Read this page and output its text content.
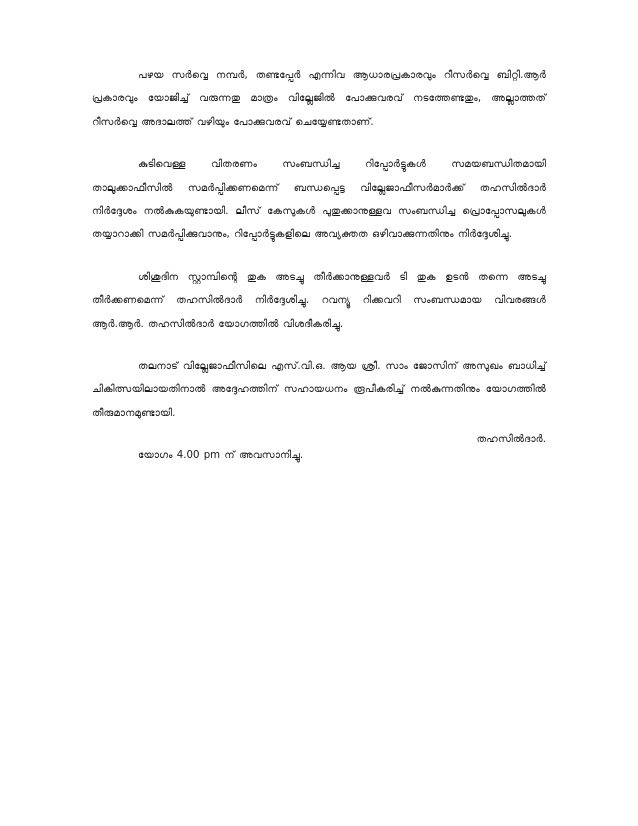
പഴയ സർവ്വെ നമ്പർ, തണ്ടപ്പേർ എന്നിവ ആധാരപ്രകാരവും റീസർവ്വെ ബിറ്റി.ആർ പ്രകാരവും യോജിച്ച് വരുന്നതു മാത്രം വില്ലേജിൽ പോക്കുവരവ് നടത്തേണ്ടതും, അല്ലാത്തത് റീസർവ്വെ അദാലത്ത് വഴിയും പോക്കുവരവ് ചെയ്യേണ്ടതാണ്.

കുടിവെള്ള വിതരണം സംബന്ധിച്ച റിപ്പോർട്ടുകൾ സമയബന്ധിതമായി താലൂക്കാഫീസിൽ സമർപ്പിക്കണമെന്ന് ബന്ധപ്പെട്ട വില്ലേജാഫീസർമാർക്ക് തഹസിൽദാർ നിർദ്ദേശം നൽകുകയുണ്ടായി. ലീസ് കേസുകൾ പുതുക്കാനുള്ളവ സംബന്ധിച്ച പ്രൊപ്പോസലുകൾ തയ്യാറാക്കി സമർപ്പിക്കുവാനും, റിപ്പോർട്ടുകളിലെ അവ്യക്തത ഒഴിവാക്കുന്നതിനും നിർദ്ദേശിച്ചു.

ശിശുദിന സ്റ്റാമ്പിന്റെ തുക അടച്ചു തീർക്കാനുള്ളവർ ടി തുക ഉടൻ തന്നെ അടച്ചു തീർക്കണമെന്ന് തഹസിൽദാർ നിർദ്ദേശിച്ചു. റവന്യൂ റിക്കവറി സംബന്ധമായ വിവരങ്ങൾ ആർ.ആർ. തഹസിൽദാർ യോഗത്തിൽ വിശദീകരിച്ചു.

തലനാട് വില്ലേജാഫീസിലെ എസ്.വി.ഒ. ആയ ശ്രീ. സാം ജോസിന് അസുഖം ബാധിച്ച് ചികിത്സയിലായതിനാൽ അദ്ദേഹത്തിന് സഹായധനം രൂപീകരിച്ച് നൽകുന്നതിനും യോഗത്തിൽ തീരുമാനമുണ്ടായി.

യോഗം 4.00 pm ന് അവസാനിച്ചു.

തഹസിൽദാർ.
